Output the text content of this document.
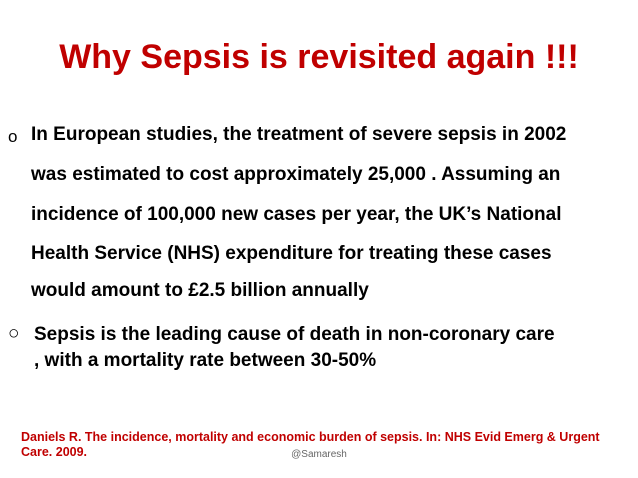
Why Sepsis is revisited again !!!
o In European studies, the treatment of severe sepsis in 2002

was estimated to cost approximately 25,000 . Assuming an

incidence of 100,000 new cases per year, the UK’s National

Health Service (NHS) expenditure for treating these cases

would amount to £2.5 billion annually

○ Sepsis is the leading cause of death in non-coronary care

, with a mortality rate between 30-50%

Daniels R. The incidence, mortality and economic burden of sepsis. In: NHS Evid Emerg & Urgent Care. 2009.	@Samaresh
